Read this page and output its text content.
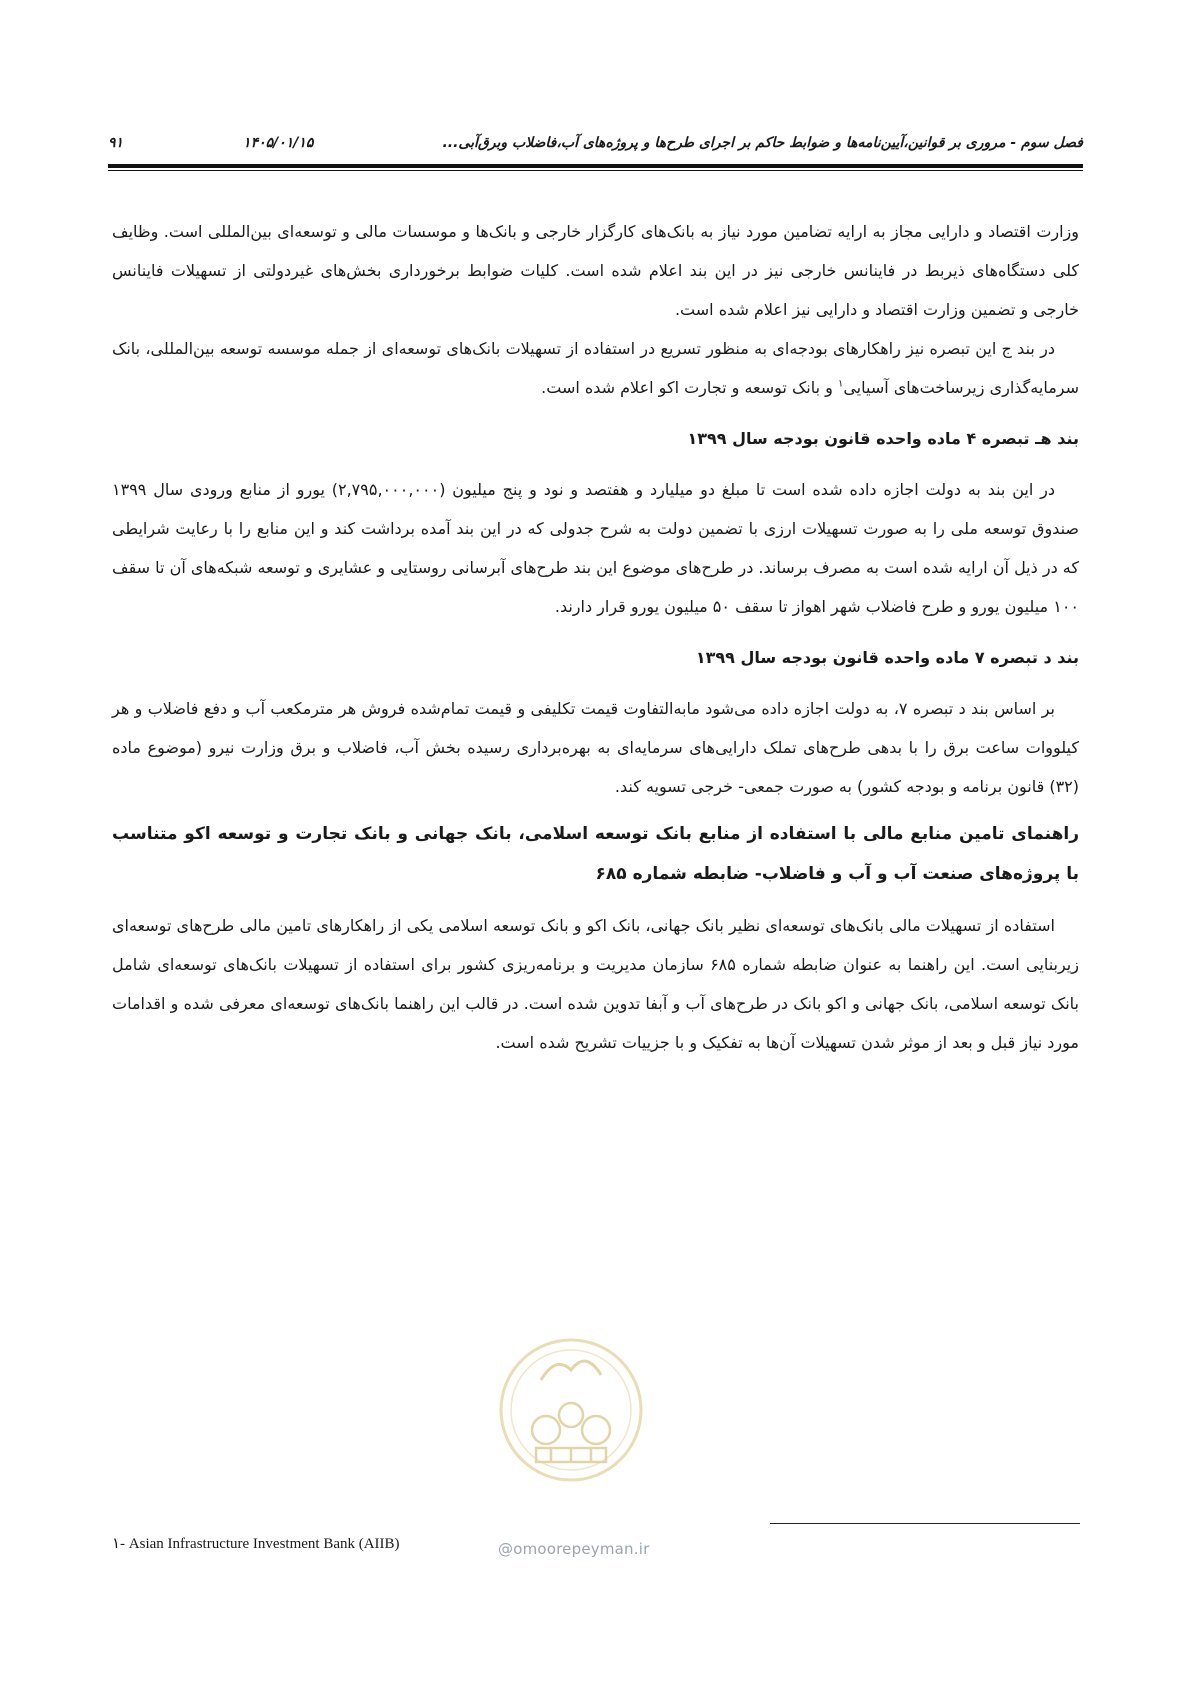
فصل سوم - مروری بر قوانین،آیین‌نامه‌ها و ضوابط حاکم بر اجرای طرح‌ها و پروژه‌های آب،فاضلاب وبرق‌آبی...
۱۴۰۵/۰۱/۱۵
۹۱

وزارت اقتصاد و دارایی مجاز به ارایه تضامین مورد نیاز به بانک‌های کارگزار خارجی و بانک‌ها و موسسات مالی و توسعه‌ای بین‌المللی است. وظایف کلی دستگاه‌های ذیربط در فاینانس خارجی نیز در این بند اعلام شده است. کلیات ضوابط برخورداری بخش‌های غیردولتی از تسهیلات فاینانس خارجی و تضمین وزارت اقتصاد و دارایی نیز اعلام شده است.

در بند ج این تبصره نیز راهکارهای بودجه‌ای به منظور تسریع در استفاده از تسهیلات بانک‌های توسعه‌ای از جمله موسسه توسعه بین‌المللی، بانک سرمایه‌گذاری زیرساخت‌های آسیایی$^۱$ و بانک توسعه و تجارت اکو اعلام شده است.

بند هـ تبصره ۴ ماده واحده قانون بودجه سال ۱۳۹۹

در این بند به دولت اجازه داده شده است تا مبلغ دو میلیارد و هفتصد و نود و پنج میلیون (۲,۷۹۵,۰۰۰,۰۰۰) یورو از منابع ورودی سال ۱۳۹۹ صندوق توسعه ملی را به صورت تسهیلات ارزی با تضمین دولت به شرح جدولی که در این بند آمده برداشت کند و این منابع را با رعایت شرایطی که در ذیل آن ارایه شده است به مصرف برساند. در طرح‌های موضوع این بند طرح‌های آبرسانی روستایی و عشایری و توسعه شبکه‌های آن تا سقف ۱۰۰ میلیون یورو و طرح فاضلاب شهر اهواز تا سقف ۵۰ میلیون یورو قرار دارند.

بند د تبصره ۷ ماده واحده قانون بودجه سال ۱۳۹۹

بر اساس بند د تبصره ۷، به دولت اجازه داده می‌شود مابه‌التفاوت قیمت تکلیفی و قیمت تمام‌شده فروش هر مترمکعب آب و دفع فاضلاب و هر کیلووات ساعت برق را با بدهی طرح‌های تملک دارایی‌های سرمایه‌ای به بهره‌برداری رسیده بخش آب، فاضلاب و برق وزارت نیرو (موضوع ماده (۳۲) قانون برنامه و بودجه کشور) به صورت جمعی- خرجی تسویه کند.

راهنمای تامین منابع مالی با استفاده از منابع بانک توسعه اسلامی، بانک جهانی و بانک تجارت و توسعه اکو متناسب با پروژه‌های صنعت آب و آب و فاضلاب- ضابطه شماره ۶۸۵

استفاده از تسهیلات مالی بانک‌های توسعه‌ای نظیر بانک جهانی، بانک اکو و بانک توسعه اسلامی یکی از راهکارهای تامین مالی طرح‌های توسعه‌ای زیربنایی است. این راهنما به عنوان ضابطه شماره ۶۸۵ سازمان مدیریت و برنامه‌ریزی کشور برای استفاده از تسهیلات بانک‌های توسعه‌ای شامل بانک توسعه اسلامی، بانک جهانی و اکو بانک در طرح‌های آب و آبفا تدوین شده است. در قالب این راهنما بانک‌های توسعه‌ای معرفی شده و اقدامات مورد نیاز قبل و بعد از موثر شدن تسهیلات آن‌ها به تفکیک و با جزییات تشریح شده است.

@omoorepeyman.ir
۱- Asian Infrastructure Investment Bank (AIIB)
